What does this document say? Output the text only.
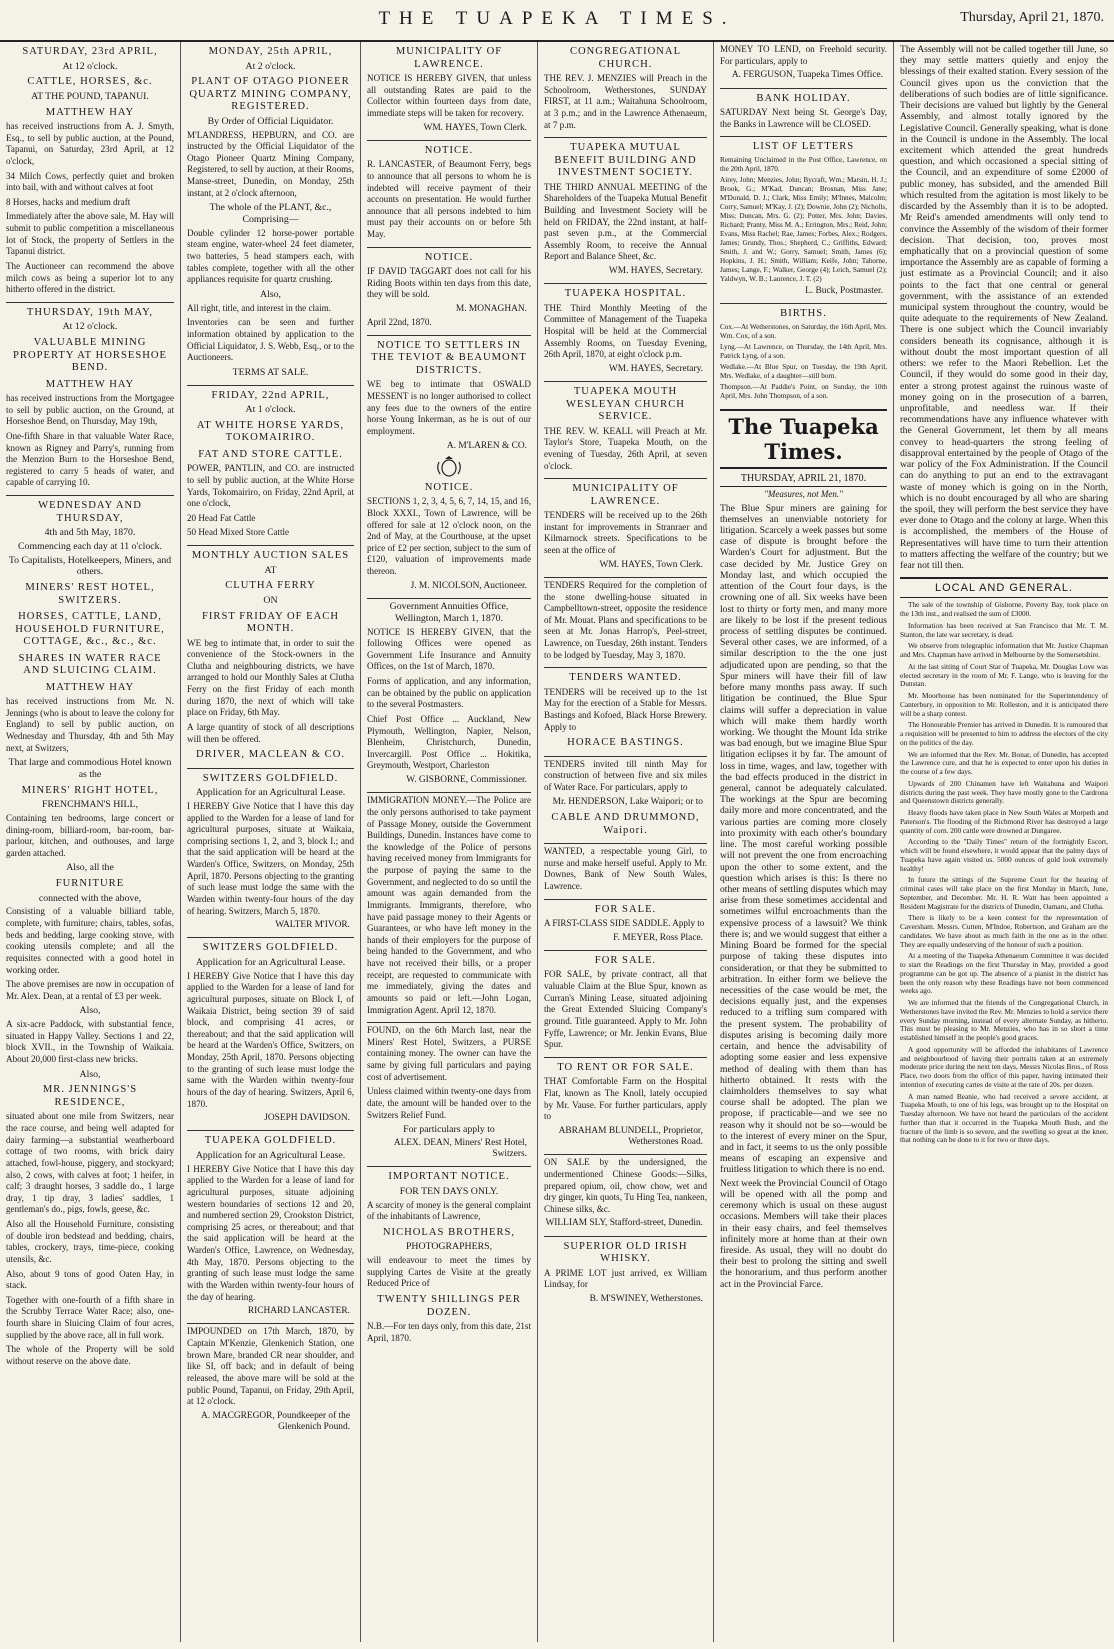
THE TUAPEKA TIMES.	Thursday, April 21, 1870.
SATURDAY, 23rd APRIL,
At 12 o'clock.
CATTLE, HORSES, &c.
AT THE POUND, TAPANUI.
MATTHEW HAY
has received instructions from A. J. Smyth, Esq., to sell by public auction, at the Pound, Tapanui, on Saturday, 23rd April, at 12 o'clock,
34 Milch Cows, perfectly quiet and broken into bail, with and without calves at foot
8 Horses, hacks and medium draft
Immediately after the above sale, M. Hay will submit to public competition a miscellaneous lot of Stock, the property of Settlers in the Tapanui district.
The Auctioneer can recommend the above milch cows as being a superior lot to any hitherto offered in the district.
THURSDAY, 19th MAY,
At 12 o'clock.
VALUABLE MINING PROPERTY AT HORSESHOE BEND.
MATTHEW HAY
has received instructions from the Mortgagee to sell by public auction, on the Ground, at Horseshoe Bend, on Thursday, May 19th,
One-fifth Share in that valuable Water Race, known as Rigney and Parry's, running from the Menzion Burn to the Horseshoe Bend, registered to carry 5 heads of water, and capable of carrying 10.
WEDNESDAY AND THURSDAY,
4th and 5th May, 1870.
Commencing each day at 11 o'clock.
To Capitalists, Hotelkeepers, Miners, and others.
MINERS' REST HOTEL, SWITZERS.
HORSES, CATTLE, LAND, HOUSEHOLD FURNITURE, COTTAGE, &c., &c., &c.
SHARES IN WATER RACE AND SLUICING CLAIM.
MATTHEW HAY
has received instructions from Mr. N. Jennings (who is about to leave the colony for England) to sell by public auction, on Wednesday and Thursday, 4th and 5th May next, at Switzers,
That large and commodious Hotel known as the
MINERS' RIGHT HOTEL,
FRENCHMAN'S HILL,
Containing ten bedrooms, large concert or dining-room, billiard-room, bar-room, bar-parlour, kitchen, and outhouses, and large garden attached.
Also, all the
FURNITURE
connected with the above,
Consisting of a valuable billiard table, complete, with furniture; chairs, tables, sofas, beds and bedding, large cooking stove, with cooking utensils complete; and all the requisites connected with a good hotel in working order.
The above premises are now in occupation of Mr. Alex. Dean, at a rental of £3 per week.
Also,
A six-acre Paddock, with substantial fence, situated in Happy Valley. Sections 1 and 22, block XVII., in the Township of Waikaia. About 20,000 first-class new bricks.
Also,
MR. JENNINGS'S RESIDENCE,
situated about one mile from Switzers, near the race course, and being well adapted for dairy farming—a substantial weatherboard cottage of two rooms, with brick dairy attached, fowl-house, piggery, and stockyard; also, 2 cows, with calves at foot; 1 heifer, in calf; 3 draught horses, 3 saddle do., 1 large dray, 1 tip dray, 3 ladies' saddles, 1 gentleman's do., pigs, fowls, geese, &c.
Also all the Household Furniture, consisting of double iron bedstead and bedding, chairs, tables, crockery, trays, time-piece, cooking utensils, &c.
Also, about 9 tons of good Oaten Hay, in stack.
Together with one-fourth of a fifth share in the Scrubby Terrace Water Race; also, one-fourth share in Sluicing Claim of four acres, supplied by the above race, all in full work.
The whole of the Property will be sold without reserve on the above date.
MONDAY, 25th APRIL,
At 2 o'clock.
PLANT OF OTAGO PIONEER QUARTZ MINING COMPANY, REGISTERED.
By Order of Official Liquidator.
M'LANDRESS, HEPBURN, and CO. are instructed by the Official Liquidator of the Otago Pioneer Quartz Mining Company, Registered, to sell by auction, at their Rooms, Manse-street, Dunedin, on Monday, 25th instant, at 2 o'clock afternoon,
The whole of the PLANT, &c., Comprising—
Double cylinder 12 horse-power portable steam engine, water-wheel 24 feet diameter, two batteries, 5 head stampers each, with tables complete, together with all the other appliances requisite for quartz crushing.
Also,
All right, title, and interest in the claim.
Inventories can be seen and further information obtained by application to the Official Liquidator, J. S. Webb, Esq., or to the Auctioneers.
TERMS AT SALE.
FRIDAY, 22nd APRIL,
At 1 o'clock.
AT WHITE HORSE YARDS, TOKOMAIRIRO.
FAT AND STORE CATTLE.
POWER, PANTLIN, and CO. are instructed to sell by public auction, at the White Horse Yards, Tokomairiro, on Friday, 22nd April, at one o'clock,
20 Head Fat Cattle
50 Head Mixed Store Cattle
MONTHLY AUCTION SALES
AT
CLUTHA FERRY
ON
FIRST FRIDAY OF EACH MONTH.
WE beg to intimate that, in order to suit the convenience of the Stock-owners in the Clutha and neighbouring districts, we have arranged to hold our Monthly Sales at Clutha Ferry on the first Friday of each month during 1870, the next of which will take place on Friday, 6th May.
A large quantity of stock of all descriptions will then be offered.
DRIVER, MACLEAN & CO.
SWITZERS GOLDFIELD.
Application for an Agricultural Lease.
I HEREBY Give Notice that I have this day applied to the Warden for a lease of land for agricultural purposes, situate at Waikaia, comprising sections 1, 2, and 3, block I.; and that the said application will be heard at the Warden's Office, Switzers, on Monday, 25th April, 1870. Persons objecting to the granting of such lease must lodge the same with the Warden within twenty-four hours of the day of hearing. Switzers, March 5, 1870.
WALTER M'IVOR.
SWITZERS GOLDFIELD.
Application for an Agricultural Lease.
I HEREBY Give Notice that I have this day applied to the Warden for a lease of land for agricultural purposes, situate on Block I, of Waikaia District, being section 39 of said block, and comprising 41 acres, or thereabout; and that the said application will be heard at the Warden's Office, Switzers, on Monday, 25th April, 1870. Persons objecting to the granting of such lease must lodge the same with the Warden within twenty-four hours of the day of hearing. Switzers, April 6, 1870.
JOSEPH DAVIDSON.
TUAPEKA GOLDFIELD.
Application for an Agricultural Lease.
I HEREBY Give Notice that I have this day applied to the Warden for a lease of land for agricultural purposes, situate adjoining western boundaries of sections 12 and 20, and numbered section 29, Crookston District, comprising 25 acres, or thereabout; and that the said application will be heard at the Warden's Office, Lawrence, on Wednesday, 4th May, 1870. Persons objecting to the granting of such lease must lodge the same with the Warden within twenty-four hours of the day of hearing.
RICHARD LANCASTER.
IMPOUNDED on 17th March, 1870, by Captain M'Kenzie, Glenkenich Station, one brown Mare, branded CR near shoulder, and like SI, off back; and in default of being released, the above mare will be sold at the public Pound, Tapanui, on Friday, 29th April, at 12 o'clock.
A. MACGREGOR, Poundkeeper of the Glenkenich Pound.
MUNICIPALITY OF LAWRENCE.
NOTICE IS HEREBY GIVEN, that unless all outstanding Rates are paid to the Collector within fourteen days from date, immediate steps will be taken for recovery.
WM. HAYES, Town Clerk.
NOTICE.
R. LANCASTER, of Beaumont Ferry, begs to announce that all persons to whom he is indebted will receive payment of their accounts on presentation. He would further announce that all persons indebted to him must pay their accounts on or before 5th May.
NOTICE.
IF DAVID TAGGART does not call for his Riding Boots within ten days from this date, they will be sold.
M. MONAGHAN.
April 22nd, 1870.
NOTICE TO SETTLERS IN THE TEVIOT & BEAUMONT DISTRICTS.
WE beg to intimate that OSWALD MESSENT is no longer authorised to collect any fees due to the owners of the entire horse Young Inkerman, as he is out of our employment.
A. M'LAREN & CO.
NOTICE.
SECTIONS 1, 2, 3, 4, 5, 6, 7, 14, 15, and 16, Block XXXI., Town of Lawrence, will be offered for sale at 12 o'clock noon, on the 2nd of May, at the Courthouse, at the upset price of £2 per section, subject to the sum of £120, valuation of improvements made thereon.
J. M. NICOLSON, Auctioneer.
Government Annuities Office, Wellington, March 1, 1870.
NOTICE IS HEREBY GIVEN, that the following Offices were opened as Government Life Insurance and Annuity Offices, on the 1st of March, 1870.
Forms of application, and any information, can be obtained by the public on application to the several Postmasters.
Chief Post Office ... Auckland, New Plymouth, Wellington, Napier, Nelson, Blenheim, Christchurch, Dunedin, Invercargill. Post Office ... Hokitika, Greymouth, Westport, Charleston
W. GISBORNE, Commissioner.
IMMIGRATION MONEY.—The Police are the only persons authorised to take payment of Passage Money, outside the Government Buildings, Dunedin. Instances have come to the knowledge of the Police of persons having received money from Immigrants for the purpose of paying the same to the Government, and neglected to do so until the amount was again demanded from the Immigrants. Immigrants, therefore, who have paid passage money to their Agents or Guarantees, or who have left money in the hands of their employers for the purpose of being handed to the Government, and who have not received their bills, or a proper receipt, are requested to communicate with me immediately, giving the dates and amounts so paid or left.—John Logan, Immigration Agent. April 12, 1870.
FOUND, on the 6th March last, near the Miners' Rest Hotel, Switzers, a PURSE containing money. The owner can have the same by giving full particulars and paying cost of advertisement.
Unless claimed within twenty-one days from date, the amount will be handed over to the Switzers Relief Fund.
For particulars apply to
ALEX. DEAN, Miners' Rest Hotel, Switzers.
IMPORTANT NOTICE.
FOR TEN DAYS ONLY.
A scarcity of money is the general complaint of the inhabitants of Lawrence,
NICHOLAS BROTHERS,
PHOTOGRAPHERS,
will endeavour to meet the times by supplying Cartes de Visite at the greatly Reduced Price of
TWENTY SHILLINGS PER DOZEN.
N.B.—For ten days only, from this date, 21st April, 1870.
CONGREGATIONAL CHURCH.
THE REV. J. MENZIES will Preach in the Schoolroom, Wetherstones, SUNDAY FIRST, at 11 a.m.; Waitahuna Schoolroom, at 3 p.m.; and in the Lawrence Athenaeum, at 7 p.m.
TUAPEKA MUTUAL BENEFIT BUILDING AND INVESTMENT SOCIETY.
THE THIRD ANNUAL MEETING of the Shareholders of the Tuapeka Mutual Benefit Building and Investment Society will be held on FRIDAY, the 22nd instant, at half-past seven p.m., at the Commercial Assembly Room, to receive the Annual Report and Balance Sheet, &c.
WM. HAYES, Secretary.
TUAPEKA HOSPITAL.
THE Third Monthly Meeting of the Committee of Management of the Tuapeka Hospital will be held at the Commercial Assembly Rooms, on Tuesday Evening, 26th April, 1870, at eight o'clock p.m.
WM. HAYES, Secretary.
TUAPEKA MOUTH WESLEYAN CHURCH SERVICE.
THE REV. W. KEALL will Preach at Mr. Taylor's Store, Tuapeka Mouth, on the evening of Tuesday, 26th April, at seven o'clock.
MUNICIPALITY OF LAWRENCE.
TENDERS will be received up to the 26th instant for improvements in Stranraer and Kilmarnock streets. Specifications to be seen at the office of
WM. HAYES, Town Clerk.
TENDERS Required for the completion of the stone dwelling-house situated in Campbelltown-street, opposite the residence of Mr. Mouat. Plans and specifications to be seen at Mr. Jonas Harrop's, Peel-street, Lawrence, on Tuesday, 26th instant. Tenders to be lodged by Tuesday, May 3, 1870.
TENDERS WANTED.
TENDERS will be received up to the 1st May for the erection of a Stable for Messrs. Bastings and Kofoed, Black Horse Brewery. Apply to
HORACE BASTINGS.
TENDERS invited till ninth May for construction of between five and six miles of Water Race. For particulars, apply to
Mr. HENDERSON, Lake Waipori; or to
CABLE AND DRUMMOND, Waipori.
WANTED, a respectable young Girl, to nurse and make herself useful. Apply to Mr. Downes, Bank of New South Wales, Lawrence.
FOR SALE.
A FIRST-CLASS SIDE SADDLE. Apply to
F. MEYER, Ross Place.
FOR SALE.
FOR SALE, by private contract, all that valuable Claim at the Blue Spur, known as Curran's Mining Lease, situated adjoining the Great Extended Sluicing Company's ground. Title guaranteed. Apply to Mr. John Fyffe, Lawrence; or Mr. Jenkin Evans, Blue Spur.
TO RENT OR FOR SALE.
THAT Comfortable Farm on the Hospital Flat, known as The Knoll, lately occupied by Mr. Vause. For further particulars, apply to
ABRAHAM BLUNDELL, Proprietor, Wetherstones Road.
ON SALE by the undersigned, the undermentioned Chinese Goods:—Silks, prepared opium, oil, chow chow, wet and dry ginger, kin quots, Tu Hing Tea, nankeen, Chinese silks, &c.
WILLIAM SLY, Stafford-street, Dunedin.
SUPERIOR OLD IRISH WHISKY.
A PRIME LOT just arrived, ex William Lindsay, for
B. M'SWINEY, Wetherstones.
MONEY TO LEND, on Freehold security. For particulars, apply to
A. FERGUSON, Tuapeka Times Office.
BANK HOLIDAY.
SATURDAY Next being St. George's Day, the Banks in Lawrence will be CLOSED.
LIST OF LETTERS
Remaining Unclaimed in the Post Office, Lawrence, on the 20th April, 1870.
Airey, John; Menzies, John; Bycraft, Wm.; Marsin, H. J.; Brook, G.; M'Kad, Duncan; Brosnan, Miss Jane; M'Donald, D. J.; Clark, Miss Emily; M'Innes, Malcolm; Corry, Samuel; M'Kay, J. (2); Downie, John (2); Nicholls, Miss; Duncan, Mrs. G. (2); Potter, Mrs. John; Davies, Richard; Pranty, Miss M. A.; Errington, Mrs.; Reid, John; Evans, Miss Rachel; Rae, James; Forbes, Alex.; Rodgers, James; Grundy, Thos.; Shepherd, C.; Griffiths, Edward; Smith, J. and W.; Gorry, Samuel; Smith, James (6); Hopkins, J. H.; Smith, William; Keife, John; Taborne, James; Lange, F.; Walker, George (4); Leich, Samuel (2); Yaldwyn, W. B.; Laurence, J. T. (2)
L. Buck, Postmaster.
BIRTHS.
Cox.—At Wetherstones, on Saturday, the 16th April, Mrs. Wm. Cox, of a son.
Lyng.—At Lawrence, on Thursday, the 14th April, Mrs. Patrick Lyng, of a son.
Wedlake.—At Blue Spur, on Tuesday, the 19th April, Mrs. Wedlake, of a daughter—still born.
Thompson.—At Paddie's Point, on Sunday, the 10th April, Mrs. John Thompson, of a son.
The Tuapeka Times.
THURSDAY, APRIL 21, 1870.
"Measures, not Men."
The Blue Spur miners are gaining for themselves an unenviable notoriety for litigation. Scarcely a week passes but some case of dispute is brought before the Warden's Court for adjustment. But the case decided by Mr. Justice Grey on Monday last, and which occupied the attention of the Court four days, is the crowning one of all. Six weeks have been lost to thirty or forty men, and many more are likely to be lost if the present tedious process of settling disputes be continued. Several other cases, we are informed, of a similar description to the the one just adjudicated upon are pending, so that the Spur miners will have their fill of law before many months pass away. If such litigation be continued, the Blue Spur claims will suffer a depreciation in value which will make them hardly worth working. We thought the Mount Ida strike was bad enough, but we imagine Blue Spur litigation eclipses it by far. The amount of loss in time, wages, and law, together with the bad effects produced in the district in general, cannot be adequately calculated. The workings at the Spur are becoming daily more and more concentrated, and the various parties are coming more closely into proximity with each other's boundary line. The most careful working possible will not prevent the one from encroaching upon the other to some extent, and the question which arises is this: Is there no other means of settling disputes which may arise from these sometimes accidental and sometimes wilful encroachments than the expensive process of a lawsuit? We think there is; and we would suggest that either a Mining Board be formed for the special purpose of taking these disputes into consideration, or that they be submitted to arbitration. In either form we believe the necessities of the case would be met, the decisions equally just, and the expenses reduced to a trifling sum compared with the present system. The probability of disputes arising is becoming daily more certain, and hence the advisability of adopting some easier and less expensive method of dealing with them than has hitherto obtained. It rests with the claimholders themselves to say what course shall be adopted. The plan we propose, if practicable—and we see no reason why it should not be so—would be to the interest of every miner on the Spur, and in fact, it seems to us the only possible means of escaping an expensive and fruitless litigation to which there is no end.
Next week the Provincial Council of Otago will be opened with all the pomp and ceremony which is usual on these august occasions. Members will take their places in their easy chairs, and feel themselves infinitely more at home than at their own fireside. As usual, they will no doubt do their best to prolong the sitting and swell the honorarium, and thus perform another act in the Provincial Farce.
The Assembly will not be called together till June, so they may settle matters quietly and enjoy the blessings of their exalted station. Every session of the Council gives upon us the conviction that the deliberations of such bodies are of little significance. Their decisions are valued but lightly by the General Assembly, and almost totally ignored by the Legislative Council. Generally speaking, what is done in the Council is undone in the Assembly. The local excitement which attended the great hundreds question, and which occasioned a special sitting of the Council, and an expenditure of some £2000 of public money, has subsided, and the amended Bill which resulted from the agitation is most likely to be discarded by the Assembly than it is to be adopted. Mr Reid's amended amendments will only tend to convince the Assembly of the wisdom of their former decision. That decision, too, proves most emphatically that on a provincial question of some importance the Assembly are as capable of forming a just estimate as a Provincial Council; and it also points to the fact that one central or general government, with the assistance of an extended municipal system throughout the country, would be quite adequate to the requirements of New Zealand. There is one subject which the Council invariably considers beneath its cognisance, although it is without doubt the most important question of all others: we refer to the Maori Rebellion. Let the Council, if they would do some good in their day, enter a strong protest against the ruinous waste of money going on in the prosecution of a barren, unprofitable, and needless war. If their recommendations have any influence whatever with the General Government, let them by all means convey to head-quarters the strong feeling of disapproval entertained by the people of Otago of the war policy of the Fox Administration. If the Council can do anything to put an end to the extravagant waste of money which is going on in the North, which is no doubt encouraged by all who are sharing the spoil, they will perform the best service they have ever done to Otago and the colony at large. When this is accomplished, the members of the House of Representatives will have time to turn their attention to matters affecting the welfare of the country; but we fear not till then.
LOCAL AND GENERAL.
The sale of the township of Gisborne, Poverty Bay, took place on the 13th inst., and realised the sum of £3000.
Information has been received at San Francisco that Mr. T. M. Stanton, the late war secretary, is dead.
We observe from telegraphic information that Mr. Justice Chapman and Mrs. Chapman have arrived in Melbourne by the Somersetshire.
At the last sitting of Court Star of Tuapeka, Mr. Douglas Love was elected secretary in the room of Mr. F. Lange, who is leaving for the Dunstan.
Mr. Moorhouse has been nominated for the Superintendency of Canterbury, in opposition to Mr. Rolleston, and it is anticipated there will be a sharp contest.
The Honourable Premier has arrived in Dunedin. It is rumoured that a requisition will be presented to him to address the electors of the city on the politics of the day.
We are informed that the Rev. Mr. Bonar, of Dunedin, has accepted the Lawrence cure, and that he is expected to enter upon his duties in the course of a few days.
Upwards of 200 Chinamen have left Waitahuna and Waipori districts during the past week. They have mostly gone to the Cardrona and Queenstown districts generally.
Heavy floods have taken place in New South Wales at Morpeth and Paterson's. The flooding of the Richmond River has destroyed a large quantity of corn. 200 cattle were drowned at Dungaree.
According to the "Daily Times" return of the fortnightly Escort, which will be found elsewhere, it would appear that the palmy days of Tuapeka have again visited us. 5000 ounces of gold look extremely healthy!
In future the sittings of the Supreme Court for the hearing of criminal cases will take place on the first Monday in March, June, September, and December. Mr. H. R. Watt has been appointed a Resident Magistrate for the districts of Dunedin, Oamaru, and Clutha.
There is likely to be a keen contest for the representation of Caversham. Messrs. Cutten, M'Indoe, Robertson, and Graham are the candidates. We have about as much faith in the one as in the other. They are equally undeserving of the honour of such a position.
At a meeting of the Tuapeka Athenaeum Committee it was decided to start the Readings on the first Thursday in May, provided a good programme can be got up. The absence of a pianist in the district has been the only reason why these Readings have not been commenced weeks ago.
We are informed that the friends of the Congregational Church, in Wetherstones have invited the Rev. Mr. Menzies to hold a service there every Sunday morning, instead of every alternate Sunday, as hitherto. This must be pleasing to Mr. Menzies, who has in so short a time established himself in the people's good graces.
A good opportunity will be afforded the inhabitants of Lawrence and neighbourhood of having their portraits taken at an extremely moderate price during the next ten days, Messrs Nicolas Bros., of Ross Place, two doors from the office of this paper, having intimated their intention of executing cartes de visite at the rate of 20s. per dozen.
A man named Beanie, who had received a severe accident, at Tuapeka Mouth, to one of his legs, was brought up to the Hospital on Tuesday afternoon. We have not heard the particulars of the accident further than that it occurred in the Tuapeka Mouth Bush, and the fracture of the limb is so severe, and the swelling so great at the knee, that nothing can be done to it for two or three days.
